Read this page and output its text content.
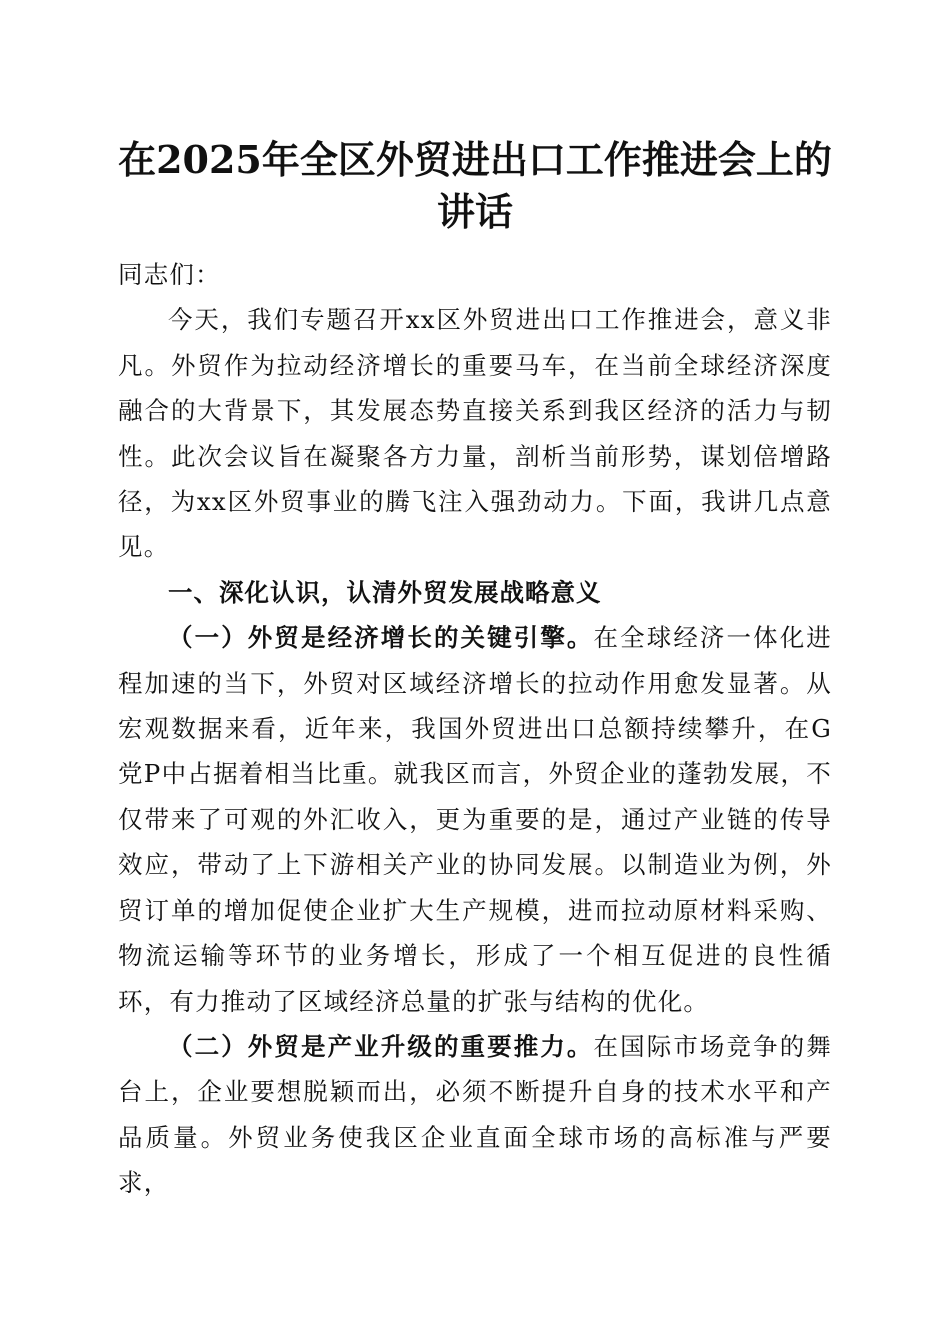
在2025年全区外贸进出口工作推进会上的讲话

同志们：

今天，我们专题召开xx区外贸进出口工作推进会，意义非凡。外贸作为拉动经济增长的重要马车，在当前全球经济深度融合的大背景下，其发展态势直接关系到我区经济的活力与韧性。此次会议旨在凝聚各方力量，剖析当前形势，谋划倍增路径，为xx区外贸事业的腾飞注入强劲动力。下面，我讲几点意见。

一、深化认识，认清外贸发展战略意义

（一）外贸是经济增长的关键引擎。在全球经济一体化进程加速的当下，外贸对区域经济增长的拉动作用愈发显著。从宏观数据来看，近年来，我国外贸进出口总额持续攀升，在G党P中占据着相当比重。就我区而言，外贸企业的蓬勃发展，不仅带来了可观的外汇收入，更为重要的是，通过产业链的传导效应，带动了上下游相关产业的协同发展。以制造业为例，外贸订单的增加促使企业扩大生产规模，进而拉动原材料采购、物流运输等环节的业务增长，形成了一个相互促进的良性循环，有力推动了区域经济总量的扩张与结构的优化。

（二）外贸是产业升级的重要推力。在国际市场竞争的舞台上，企业要想脱颖而出，必须不断提升自身的技术水平和产品质量。外贸业务使我区企业直面全球市场的高标准与严要求，
